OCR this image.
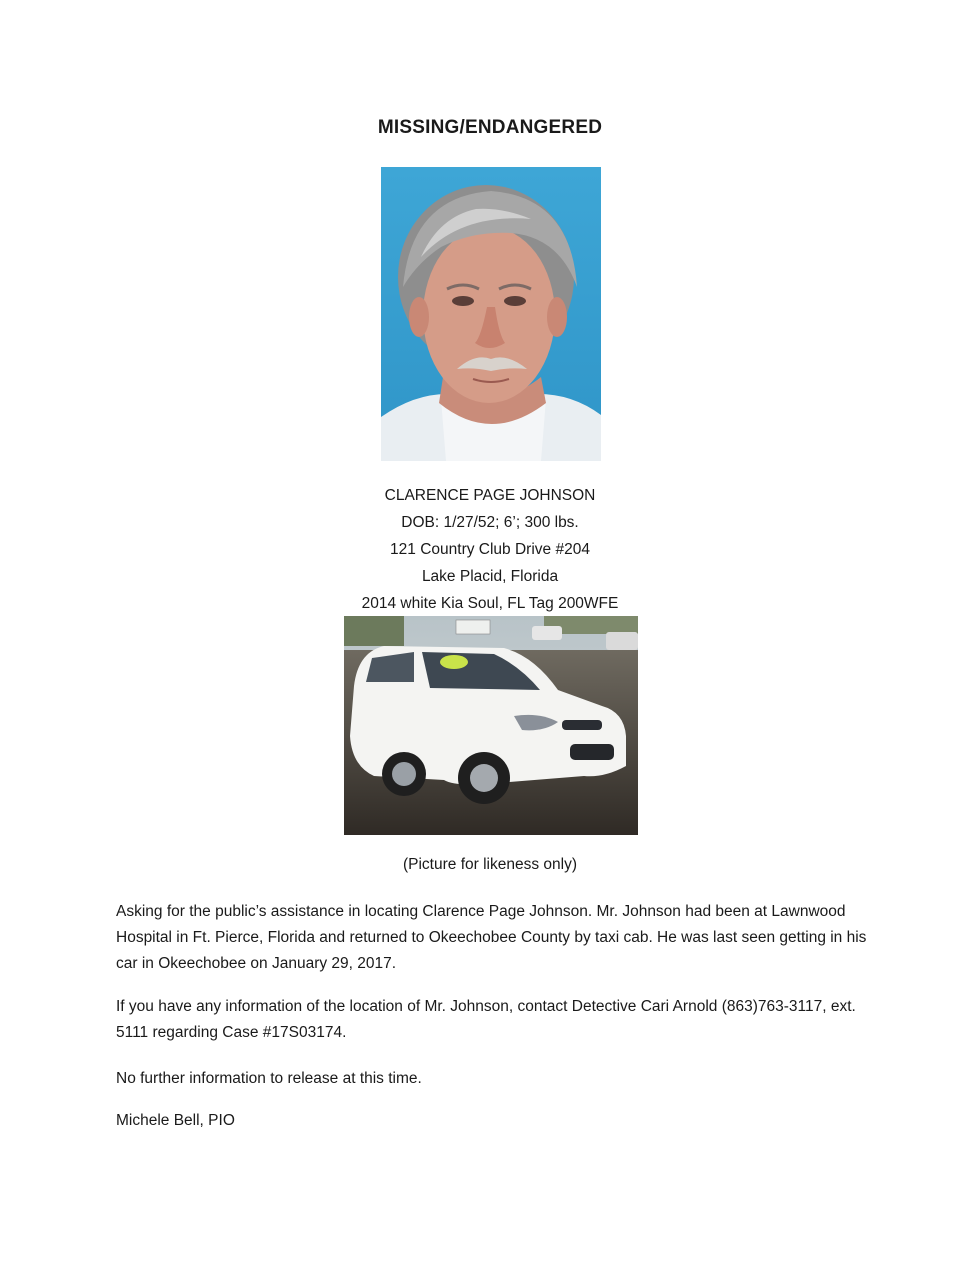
MISSING/ENDANGERED
CLARENCE PAGE JOHNSON
DOB: 1/27/52; 6’; 300 lbs.
121 Country Club Drive #204
Lake Placid, Florida
2014 white Kia Soul, FL Tag 200WFE
(Picture for likeness only)
Asking for the public’s assistance in locating Clarence Page Johnson. Mr. Johnson had been at Lawnwood Hospital in Ft. Pierce, Florida and returned to Okeechobee County by taxi cab. He was last seen getting in his car in Okeechobee on January 29, 2017.
If you have any information of the location of Mr. Johnson, contact Detective Cari Arnold (863)763-3117, ext. 5111 regarding Case #17S03174.
No further information to release at this time.
Michele Bell, PIO
